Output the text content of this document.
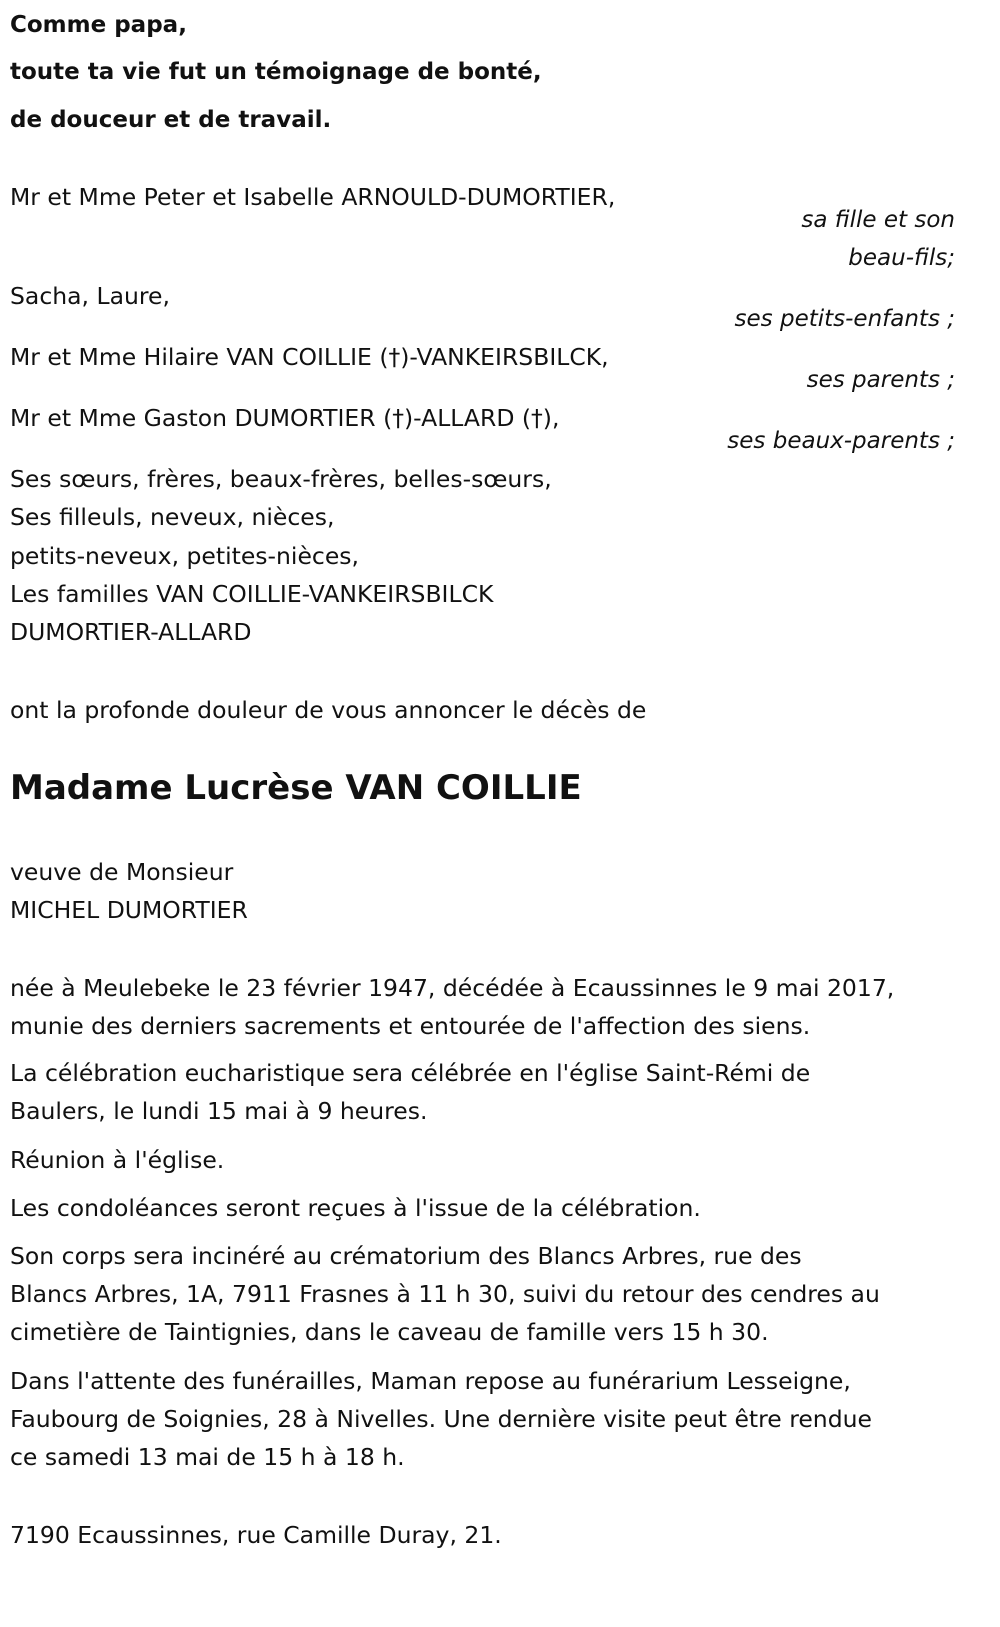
Comme papa,
toute ta vie fut un témoignage de bonté,
de douceur et de travail.
Mr et Mme Peter et Isabelle ARNOULD-DUMORTIER,
sa fille et son
beau-fils;
Sacha, Laure,
ses petits-enfants ;
Mr et Mme Hilaire VAN COILLIE (†)-VANKEIRSBILCK,
ses parents ;
Mr et Mme Gaston DUMORTIER (†)-ALLARD (†),
ses beaux-parents ;
Ses sœurs, frères, beaux-frères, belles-sœurs,
Ses filleuls, neveux, nièces,
petits-neveux, petites-nièces,
Les familles VAN COILLIE-VANKEIRSBILCK
DUMORTIER-ALLARD
ont la profonde douleur de vous annoncer le décès de
Madame Lucrèse VAN COILLIE
veuve de Monsieur
MICHEL DUMORTIER
née à Meulebeke le 23 février 1947, décédée à Ecaussinnes le 9 mai 2017,
munie des derniers sacrements et entourée de l'affection des siens.
La célébration eucharistique sera célébrée en l'église Saint-Rémi de
Baulers, le lundi 15 mai à 9 heures.
Réunion à l'église.
Les condoléances seront reçues à l'issue de la célébration.
Son corps sera incinéré au crématorium des Blancs Arbres, rue des
Blancs Arbres, 1A, 7911 Frasnes à 11 h 30, suivi du retour des cendres au
cimetière de Taintignies, dans le caveau de famille vers 15 h 30.
Dans l'attente des funérailles, Maman repose au funérarium Lesseigne,
Faubourg de Soignies, 28 à Nivelles. Une dernière visite peut être rendue
ce samedi 13 mai de 15 h à 18 h.
7190 Ecaussinnes, rue Camille Duray, 21.
